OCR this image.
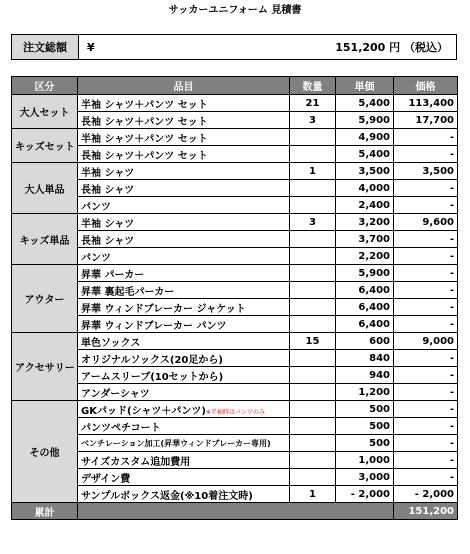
サッカーユニフォーム 見積書
注文総額	¥	151,200 円 （税込）
区分	品目	数量	単価	価格
大人セット	半袖 シャツ＋パンツ セット	21	5,400	113,400
	長袖 シャツ＋パンツ セット	3	5,900	17,700
キッズセット	半袖 シャツ＋パンツ セット		4,900	-
	長袖 シャツ＋パンツ セット		5,400	-
大人単品	半袖 シャツ	1	3,500	3,500
	長袖 シャツ		4,000	-
	パンツ		2,400	-
キッズ単品	半袖 シャツ	3	3,200	9,600
	長袖 シャツ		3,700	-
	パンツ		2,200	-
アウター	昇華 パーカー		5,900	-
	昇華 裏起毛パーカー		6,400	-
	昇華 ウィンドブレーカー ジャケット		6,400	-
	昇華 ウィンドブレーカー パンツ		6,400	-
アクセサリー	単色ソックス	15	600	9,000
	オリジナルソックス(20足から)		840	-
	アームスリーブ(10セットから)		940	-
	アンダーシャツ		1,200	-
その他	GKパッド(シャツ＋パンツ)※半袖時はパンツのみ		500	-
	パンツペチコート		500	-
	ベンチレーション加工(昇華ウィンドブレーカー専用)		500	-
	サイズカスタム追加費用		1,000	-
	デザイン費		3,000	-
	サンプルボックス返金(※10着注文時)	1	- 2,000	- 2,000
累計				151,200
